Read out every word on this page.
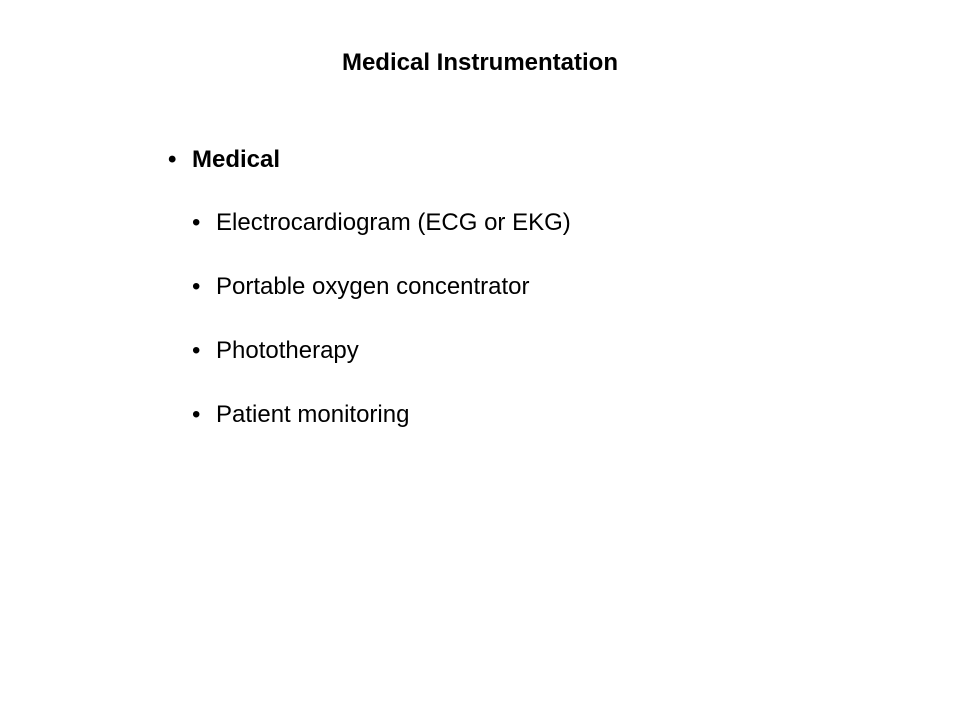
Medical Instrumentation
• Medical
• Electrocardiogram (ECG or EKG)
• Portable oxygen concentrator
• Phototherapy
• Patient monitoring
